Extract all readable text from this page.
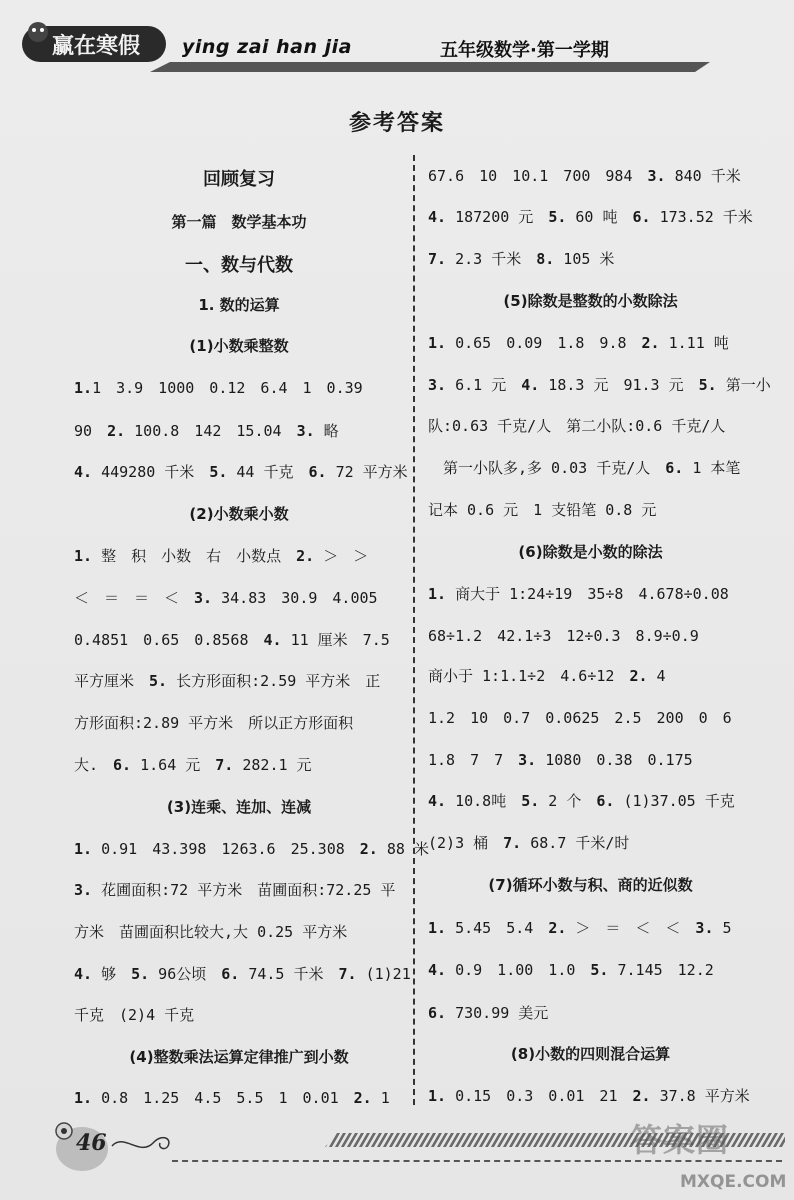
赢在寒假 ying zai han jia	五年级数学·第一学期
参考答案
回顾复习
第一篇　数学基本功
一、数与代数
1. 数的运算
(1)小数乘整数
1.1　3.9　1000　0.12　6.4　1　0.39
90　2. 100.8　142　15.04　3. 略
4. 449280 千米　5. 44 千克　6. 72 平方米
(2)小数乘小数
1. 整　积　小数　右　小数点　2. ＞　＞
＜　＝　＝　＜　3. 34.83　30.9　4.005
0.4851　0.65　0.8568　4. 11 厘米　7.5
平方厘米　5. 长方形面积:2.59 平方米　正
方形面积:2.89 平方米　所以正方形面积
大.　6. 1.64 元　7. 282.1 元
(3)连乘、连加、连减
1. 0.91　43.398　1263.6　25.308　2. 88 米
3. 花圃面积:72 平方米　苗圃面积:72.25 平
方米　苗圃面积比较大,大 0.25 平方米
4. 够　5. 96公顷　6. 74.5 千米　7. (1)21
千克　(2)4 千克
(4)整数乘法运算定律推广到小数
1. 0.8　1.25　4.5　5.5　1　0.01　2. 1
67.6　10　10.1　700　984　3. 840 千米
4. 187200 元　5. 60 吨　6. 173.52 千米
7. 2.3 千米　8. 105 米
(5)除数是整数的小数除法
1. 0.65　0.09　1.8　9.8　2. 1.11 吨
3. 6.1 元　4. 18.3 元　91.3 元　5. 第一小
队:0.63 千克/人　第二小队:0.6 千克/人
　第一小队多,多 0.03 千克/人　6. 1 本笔
记本 0.6 元　1 支铅笔 0.8 元
(6)除数是小数的除法
1. 商大于 1:24÷19　35÷8　4.678÷0.08
68÷1.2　42.1÷3　12÷0.3　8.9÷0.9
商小于 1:1.1÷2　4.6÷12　2. 4
1.2　10　0.7　0.0625　2.5　200　0　6
1.8　7　7　3. 1080　0.38　0.175
4. 10.8吨　5. 2 个　6. (1)37.05 千克
(2)3 桶　7. 68.7 千米/时
(7)循环小数与积、商的近似数
1. 5.45　5.4　2. ＞　＝　＜　＜　3. 5
4. 0.9　1.00　1.0　5. 7.145　12.2
6. 730.99 美元
(8)小数的四则混合运算
1. 0.15　0.3　0.01　21　2. 37.8 平方米
46	答案圈
MXQE.COM
